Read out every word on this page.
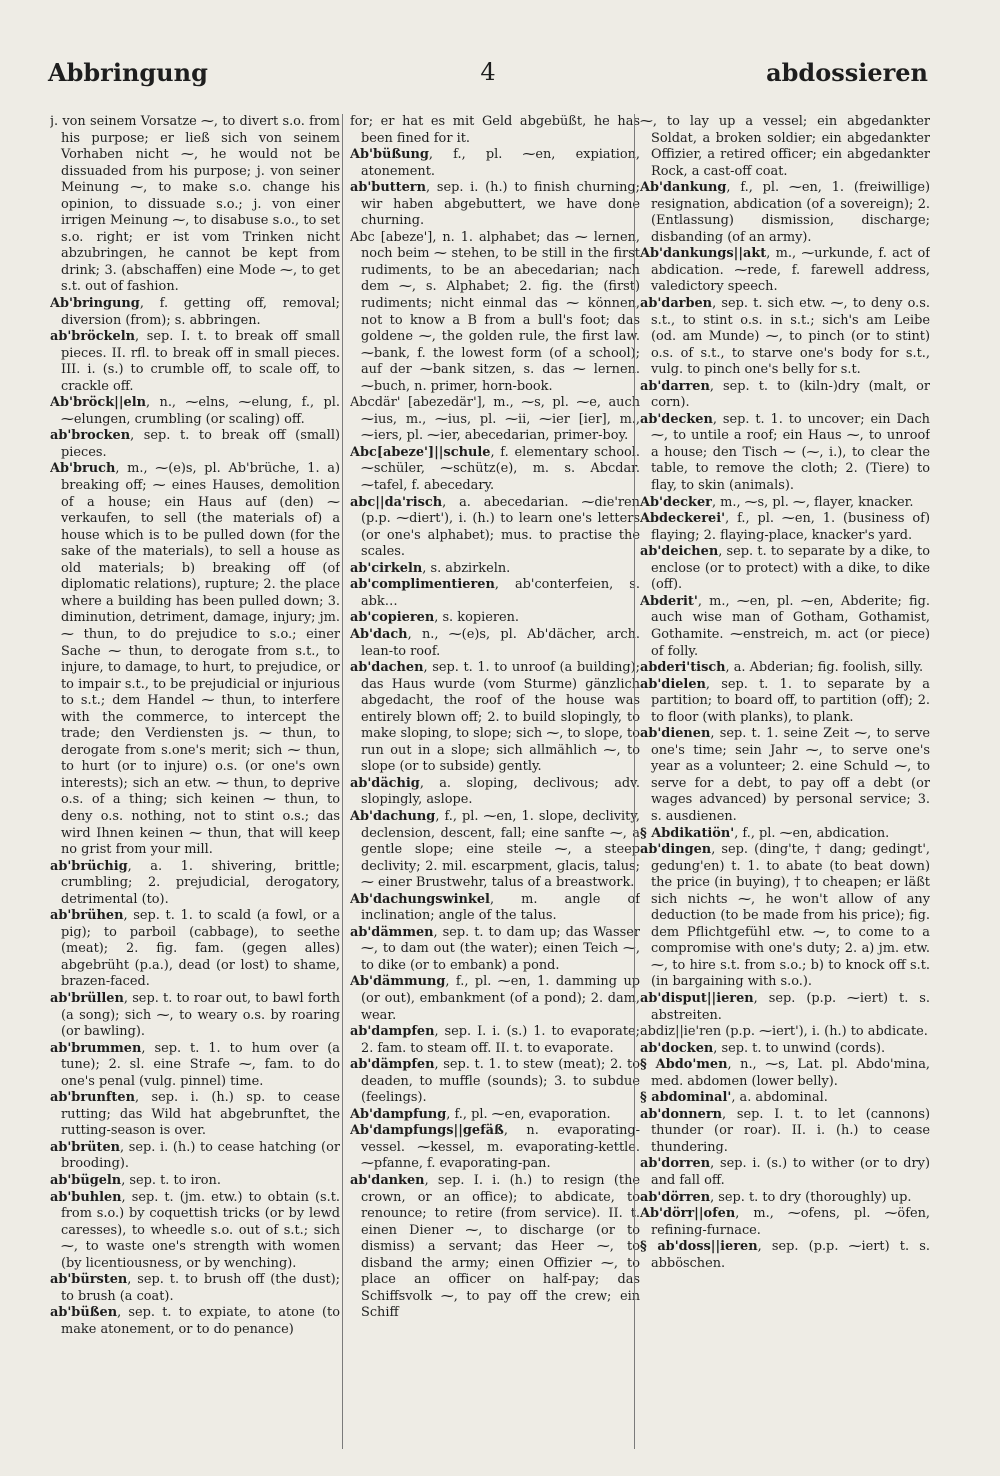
Abbringung	4	abdossieren

j. von seinem Vorsatze ⁓, to divert s.o. from his purpose; er ließ sich von seinem Vorhaben nicht ⁓, he would not be dissuaded from his purpose; j. von seiner Meinung ⁓, to make s.o. change his opinion, to dissuade s.o.; j. von einer irrigen Meinung ⁓, to disabuse s.o., to set s.o. right; er ist vom Trinken nicht abzubringen, he cannot be kept from drink; 3. (abschaffen) eine Mode ⁓, to get s.t. out of fashion.

Ab'bringung, f. getting off, removal; diversion (from); s. abbringen.

ab'bröckeln, sep. I. t. to break off small pieces. II. rfl. to break off in small pieces. III. i. (s.) to crumble off, to scale off, to crackle off.

Ab'bröck||eln, n., ⁓elns, ⁓elung, f., pl. ⁓elungen, crumbling (or scaling) off.

ab'brocken, sep. t. to break off (small) pieces.

Ab'bruch, m., ⁓(e)s, pl. Ab'brüche, 1. a) breaking off; ⁓ eines Hauses, demolition of a house; ein Haus auf (den) ⁓ verkaufen, to sell (the materials of) a house which is to be pulled down (for the sake of the materials), to sell a house as old materials; b) breaking off (of diplomatic relations), rupture; 2. the place where a building has been pulled down; 3. diminution, detriment, damage, injury; jm. ⁓ thun, to do prejudice to s.o.; einer Sache ⁓ thun, to derogate from s.t., to injure, to damage, to hurt, to prejudice, or to impair s.t., to be prejudicial or injurious to s.t.; dem Handel ⁓ thun, to interfere with the commerce, to intercept the trade; den Verdiensten js. ⁓ thun, to derogate from s.one's merit; sich ⁓ thun, to hurt (or to injure) o.s. (or one's own interests); sich an etw. ⁓ thun, to deprive o.s. of a thing; sich keinen ⁓ thun, to deny o.s. nothing, not to stint o.s.; das wird Ihnen keinen ⁓ thun, that will keep no grist from your mill.

ab'brüchig, a. 1. shivering, brittle; crumbling; 2. prejudicial, derogatory, detrimental (to).

ab'brühen, sep. t. 1. to scald (a fowl, or a pig); to parboil (cabbage), to seethe (meat); 2. fig. fam. (gegen alles) abgebrüht (p.a.), dead (or lost) to shame, brazen-faced.

ab'brüllen, sep. t. to roar out, to bawl forth (a song); sich ⁓, to weary o.s. by roaring (or bawling).

ab'brummen, sep. t. 1. to hum over (a tune); 2. sl. eine Strafe ⁓, fam. to do one's penal (vulg. pinnel) time.

ab'brunften, sep. i. (h.) sp. to cease rutting; das Wild hat abgebrunftet, the rutting-season is over.

ab'brüten, sep. i. (h.) to cease hatching (or brooding).

ab'bügeln, sep. t. to iron.

ab'buhlen, sep. t. (jm. etw.) to obtain (s.t. from s.o.) by coquettish tricks (or by lewd caresses), to wheedle s.o. out of s.t.; sich ⁓, to waste one's strength with women (by licentiousness, or by wenching).

ab'bürsten, sep. t. to brush off (the dust); to brush (a coat).

ab'büßen, sep. t. to expiate, to atone (to make atonement, or to do penance)

for; er hat es mit Geld abgebüßt, he has been fined for it.

Ab'büßung, f., pl. ⁓en, expiation, atonement.

ab'buttern, sep. i. (h.) to finish churning; wir haben abgebuttert, we have done churning.

Abc [abeze'], n. 1. alphabet; das ⁓ lernen, noch beim ⁓ stehen, to be still in the first rudiments, to be an abecedarian; nach dem ⁓, s. Alphabet; 2. fig. the (first) rudiments; nicht einmal das ⁓ können, not to know a B from a bull's foot; das goldene ⁓, the golden rule, the first law. ⁓bank, f. the lowest form (of a school); auf der ⁓bank sitzen, s. das ⁓ lernen. ⁓buch, n. primer, horn-book.

Abcdär' [abezedär'], m., ⁓s, pl. ⁓e, auch ⁓ius, m., ⁓ius, pl. ⁓ii, ⁓ier [ier], m., ⁓iers, pl. ⁓ier, abecedarian, primer-boy.

Abc[abeze']||schule, f. elementary school. ⁓schüler, ⁓schütz(e), m. s. Abcdar. ⁓tafel, f. abecedary.

abc||da'risch, a. abecedarian. ⁓die'ren (p.p. ⁓diert'), i. (h.) to learn one's letters (or one's alphabet); mus. to practise the scales.

ab'cirkeln, s. abzirkeln.

ab'complimentieren, ab'conterfeien, s. abk…

ab'copieren, s. kopieren.

Ab'dach, n., ⁓(e)s, pl. Ab'dächer, arch. lean-to roof.

ab'dachen, sep. t. 1. to unroof (a building); das Haus wurde (vom Sturme) gänzlich abgedacht, the roof of the house was entirely blown off; 2. to build slopingly, to make sloping, to slope; sich ⁓, to slope, to run out in a slope; sich allmählich ⁓, to slope (or to subside) gently.

ab'dächig, a. sloping, declivous; adv. slopingly, aslope.

Ab'dachung, f., pl. ⁓en, 1. slope, declivity, declension, descent, fall; eine sanfte ⁓, a gentle slope; eine steile ⁓, a steep declivity; 2. mil. escarpment, glacis, talus; ⁓ einer Brustwehr, talus of a breastwork.

Ab'dachungswinkel, m. angle of inclination; angle of the talus.

ab'dämmen, sep. t. to dam up; das Wasser ⁓, to dam out (the water); einen Teich ⁓, to dike (or to embank) a pond.

Ab'dämmung, f., pl. ⁓en, 1. damming up (or out), embankment (of a pond); 2. dam, wear.

ab'dampfen, sep. I. i. (s.) 1. to evaporate; 2. fam. to steam off. II. t. to evaporate.

ab'dämpfen, sep. t. 1. to stew (meat); 2. to deaden, to muffle (sounds); 3. to subdue (feelings).

Ab'dampfung, f., pl. ⁓en, evaporation.

Ab'dampfungs||gefäß, n. evaporating-vessel. ⁓kessel, m. evaporating-kettle. ⁓pfanne, f. evaporating-pan.

ab'danken, sep. I. i. (h.) to resign (the crown, or an office); to abdicate, to renounce; to retire (from service). II. t. einen Diener ⁓, to discharge (or to dismiss) a servant; das Heer ⁓, to disband the army; einen Offizier ⁓, to place an officer on half-pay; das Schiffsvolk ⁓, to pay off the crew; ein Schiff

⁓, to lay up a vessel; ein abgedankter Soldat, a broken soldier; ein abgedankter Offizier, a retired officer; ein abgedankter Rock, a cast-off coat.

Ab'dankung, f., pl. ⁓en, 1. (freiwillige) resignation, abdication (of a sovereign); 2. (Entlassung) dismission, discharge; disbanding (of an army).

Ab'dankungs||akt, m., ⁓urkunde, f. act of abdication. ⁓rede, f. farewell address, valedictory speech.

ab'darben, sep. t. sich etw. ⁓, to deny o.s. s.t., to stint o.s. in s.t.; sich's am Leibe (od. am Munde) ⁓, to pinch (or to stint) o.s. of s.t., to starve one's body for s.t., vulg. to pinch one's belly for s.t.

ab'darren, sep. t. to (kiln-)dry (malt, or corn).

ab'decken, sep. t. 1. to uncover; ein Dach ⁓, to untile a roof; ein Haus ⁓, to unroof a house; den Tisch ⁓ (⁓, i.), to clear the table, to remove the cloth; 2. (Tiere) to flay, to skin (animals).

Ab'decker, m., ⁓s, pl. ⁓, flayer, knacker.

Abdeckerei', f., pl. ⁓en, 1. (business of) flaying; 2. flaying-place, knacker's yard.

ab'deichen, sep. t. to separate by a dike, to enclose (or to protect) with a dike, to dike (off).

Abderit', m., ⁓en, pl. ⁓en, Abderite; fig. auch wise man of Gotham, Gothamist, Gothamite. ⁓enstreich, m. act (or piece) of folly.

abderi'tisch, a. Abderian; fig. foolish, silly.

ab'dielen, sep. t. 1. to separate by a partition; to board off, to partition (off); 2. to floor (with planks), to plank.

ab'dienen, sep. t. 1. seine Zeit ⁓, to serve one's time; sein Jahr ⁓, to serve one's year as a volunteer; 2. eine Schuld ⁓, to serve for a debt, to pay off a debt (or wages advanced) by personal service; 3. s. ausdienen.

§ Abdikatiön', f., pl. ⁓en, abdication.

ab'dingen, sep. (ding'te, † dang; gedingt', gedung'en) t. 1. to abate (to beat down) the price (in buying), † to cheapen; er läßt sich nichts ⁓, he won't allow of any deduction (to be made from his price); fig. dem Pflichtgefühl etw. ⁓, to come to a compromise with one's duty; 2. a) jm. etw. ⁓, to hire s.t. from s.o.; b) to knock off s.t. (in bargaining with s.o.).

ab'disput||ieren, sep. (p.p. ⁓iert) t. s. abstreiten.

abdiz||ie'ren (p.p. ⁓iert'), i. (h.) to abdicate.

ab'docken, sep. t. to unwind (cords).

§ Abdo'men, n., ⁓s, Lat. pl. Abdo'mina, med. abdomen (lower belly).

§ abdominal', a. abdominal.

ab'donnern, sep. I. t. to let (cannons) thunder (or roar). II. i. (h.) to cease thundering.

ab'dorren, sep. i. (s.) to wither (or to dry) and fall off.

ab'dörren, sep. t. to dry (thoroughly) up.

Ab'dörr||ofen, m., ⁓ofens, pl. ⁓öfen, refining-furnace.

§ ab'doss||ieren, sep. (p.p. ⁓iert) t. s. abböschen.
